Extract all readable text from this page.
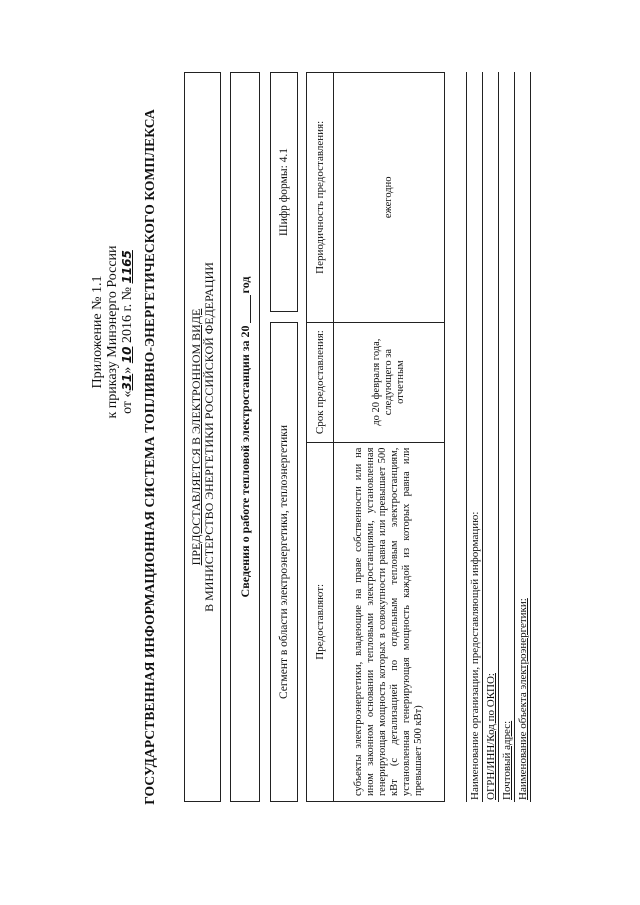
Приложение № 1.1 к приказу Минэнерго России от «31» 10 2016 г. № 1165 ГОСУДАРСТВЕННАЯ ИНФОРМАЦИОННАЯ СИСТЕМА ТОПЛИВНО-ЭНЕРГЕТИЧЕСКОГО КОМПЛЕКСА	ПРЕДОСТАВЛЯЕТСЯ В ЭЛЕКТРОННОМ ВИДЕ В МИНИСТЕРСТВО ЭНЕРГЕТИКИ РОССИЙСКОЙ ФЕДЕРАЦИИ Сведения о работе тепловой электростанции за 20
год
Сегмент в области электроэнергетики, теплоэнергетики
Шифр формы: 4.1
Предоставляют:	Срок предоставления:	Периодичность предоставления:
субъекты электроэнергетики, владеющие на праве собственности или на ином законном основании тепловыми электростанциями, установленная генерирующая мощность которых в совокупности равна или превышает 500 кВт (с детализацией по отдельным тепловым электростанциям, установленная генерирующая мощность каждой из которых равна или превышает 500 кВт)	до 20 февраля года, следующего за отчетным	ежегодно
Наименование организации, предоставляющей информацию: ОГРН/ИНН/Код по ОКПО: Почтовый адрес: Наименование объекта электроэнергетики:
